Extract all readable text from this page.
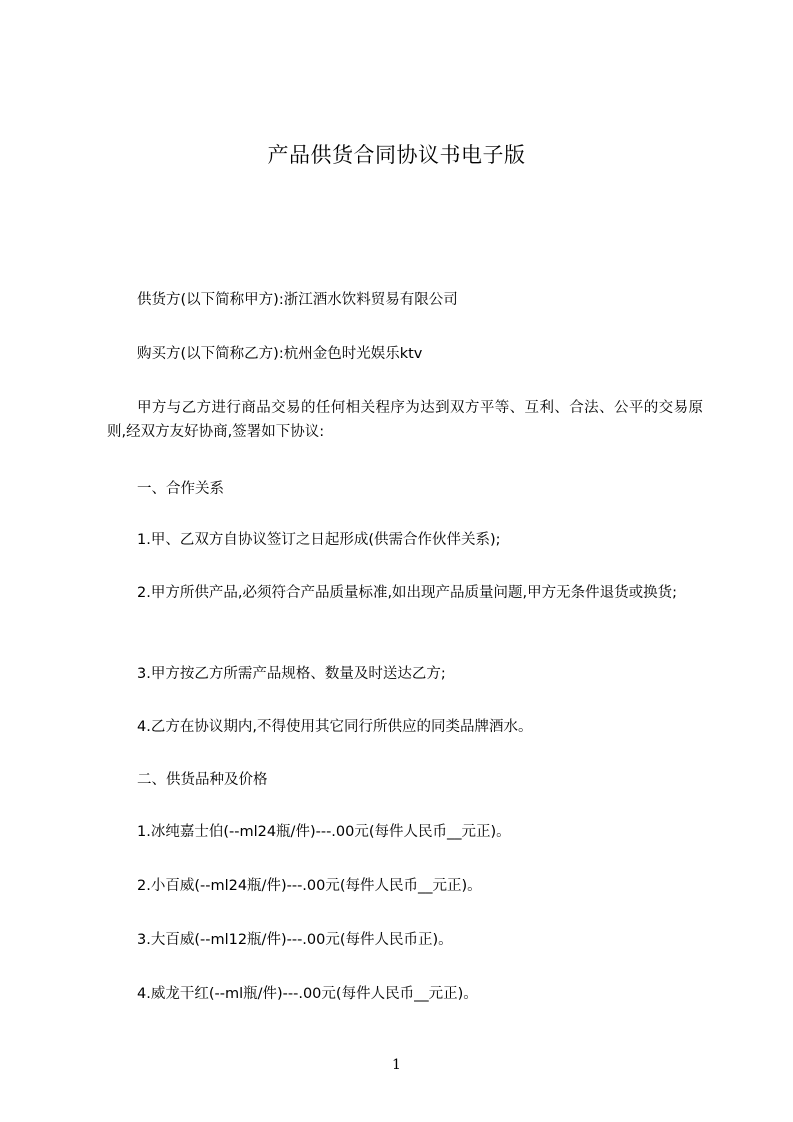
产品供货合同协议书电子版
供货方(以下简称甲方):浙江酒水饮料贸易有限公司
购买方(以下简称乙方):杭州金色时光娱乐ktv
甲方与乙方进行商品交易的任何相关程序为达到双方平等、互利、合法、公平的交易原则,经双方友好协商,签署如下协议:
一、合作关系
1.甲、乙双方自协议签订之日起形成(供需合作伙伴关系);
2.甲方所供产品,必须符合产品质量标准,如出现产品质量问题,甲方无条件退货或换货;
3.甲方按乙方所需产品规格、数量及时送达乙方;
4.乙方在协议期内,不得使用其它同行所供应的同类品牌酒水。
二、供货品种及价格
1.冰纯嘉士伯(--ml24瓶/件)---.00元(每件人民币__元正)。
2.小百威(--ml24瓶/件)---.00元(每件人民币__元正)。
3.大百威(--ml12瓶/件)---.00元(每件人民币正)。
4.威龙干红(--ml瓶/件)---.00元(每件人民币__元正)。
1
